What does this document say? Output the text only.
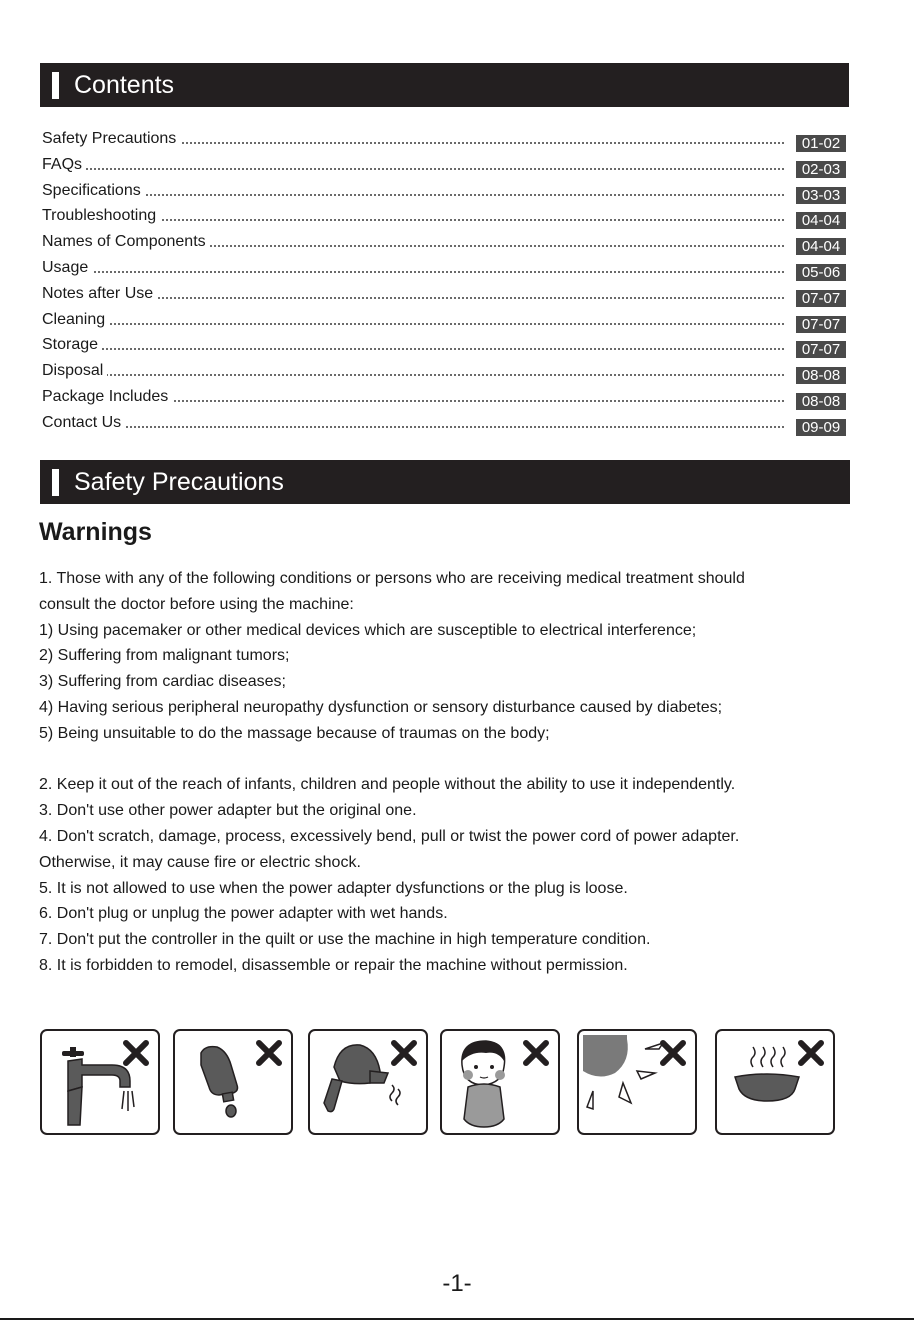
Contents
Safety Precautions	01-02
FAQs	02-03
Specifications	03-03
Troubleshooting	04-04
Names of Components	04-04
Usage	05-06
Notes after Use	07-07
Cleaning	07-07
Storage	07-07
Disposal	08-08
Package Includes	08-08
Contact Us	09-09
Safety Precautions
Warnings

1. Those with any of the following conditions or persons who are receiving medical treatment should

consult the doctor before using the machine:

1) Using pacemaker or other medical devices which are susceptible to electrical interference;

2) Suffering from malignant tumors;

3) Suffering from cardiac diseases;

4) Having serious peripheral neuropathy dysfunction or sensory disturbance caused by diabetes;

5) Being unsuitable to do the massage because of traumas on the body;

2. Keep it out of the reach of infants, children and people without the ability to use it independently.

3. Don't use other power adapter but the original one.

4. Don't scratch, damage, process, excessively bend, pull or twist the power cord of power adapter.

Otherwise, it may cause fire or electric shock.

5. It is not allowed to use when the power adapter dysfunctions or the plug is loose.

6. Don't plug or unplug the power adapter with wet hands.

7. Don't put the controller in the quilt or use the machine in high temperature condition.

8. It is forbidden to remodel, disassemble or repair the machine without permission.

-1-
